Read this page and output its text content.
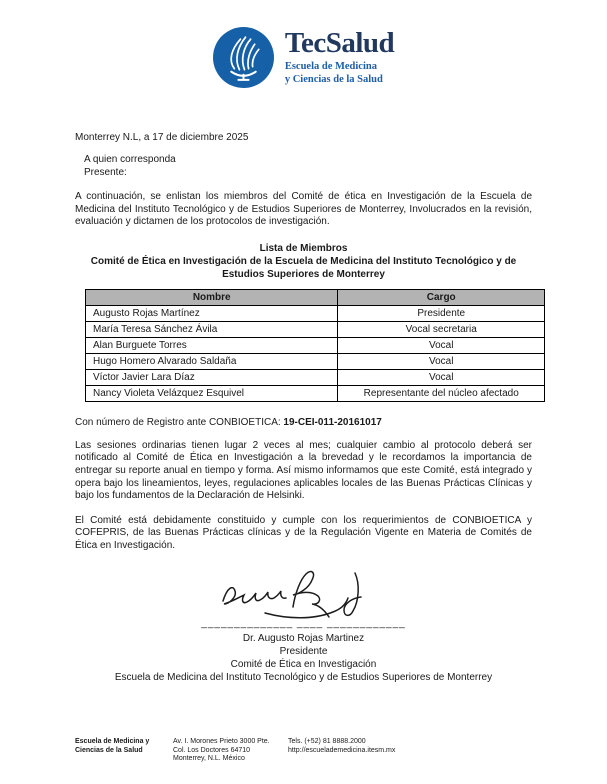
TecSalud
Escuela de Medicina
y Ciencias de la Salud
Monterrey N.L, a 17 de diciembre 2025
A quien corresponda
Presente:

A continuación, se enlistan los miembros del Comité de ética en Investigación de la Escuela de Medicina del Instituto Tecnológico y de Estudios Superiores de Monterrey, Involucrados en la revisión, evaluación y dictamen de los protocolos de investigación.

Lista de Miembros
Comité de Ética en Investigación de la Escuela de Medicina del Instituto Tecnológico y de Estudios Superiores de Monterrey
Nombre	Cargo
Augusto Rojas Martínez	Presidente
María Teresa Sánchez Ávila	Vocal secretaria
Alan Burguete Torres	Vocal
Hugo Homero Alvarado Saldaña	Vocal
Víctor Javier Lara Díaz	Vocal
Nancy Violeta Velázquez Esquivel	Representante del núcleo afectado
Con número de Registro ante CONBIOETICA: 19-CEI-011-20161017

Las sesiones ordinarias tienen lugar 2 veces al mes; cualquier cambio al protocolo deberá ser notificado al Comité de Ética en Investigación a la brevedad y le recordamos la importancia de entregar su reporte anual en tiempo y forma. Así mismo informamos que este Comité, está integrado y opera bajo los lineamientos, leyes, regulaciones aplicables locales de las Buenas Prácticas Clínicas y bajo los fundamentos de la Declaración de Helsinki.

El Comité está debidamente constituido y cumple con los requerimientos de CONBIOETICA y COFEPRIS, de las Buenas Prácticas clínicas y de la Regulación Vigente en Materia de Comités de Ética en Investigación.

______________ ____ ____________
Dr. Augusto Rojas Martinez
Presidente
Comité de Ética en Investigación
Escuela de Medicina del Instituto Tecnológico y de Estudios Superiores de Monterrey
Escuela de Medicina y
Ciencias de la Salud
Av. I. Morones Prieto 3000 Pte.
Col. Los Doctores 64710
Monterrey, N.L. México
Tels. (+52) 81 8888.2000
http://escuelademedicina.itesm.mx
